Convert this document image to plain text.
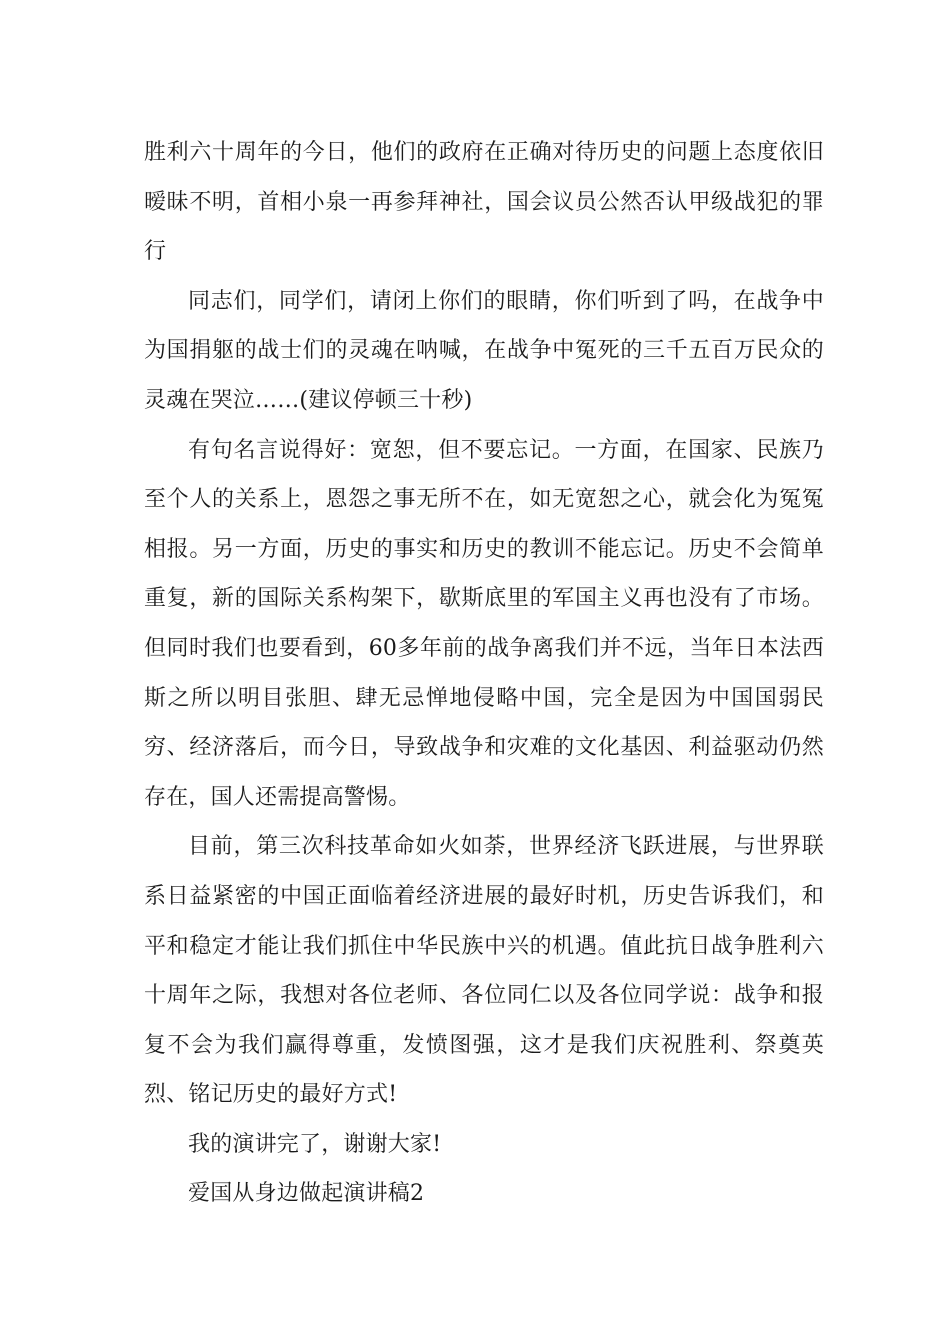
胜利六十周年的今日，他们的政府在正确对待历史的问题上态度依旧暧昧不明，首相小泉一再参拜神社，国会议员公然否认甲级战犯的罪行

同志们，同学们，请闭上你们的眼睛，你们听到了吗，在战争中为国捐躯的战士们的灵魂在呐喊，在战争中冤死的三千五百万民众的灵魂在哭泣……(建议停顿三十秒)

有句名言说得好：宽恕，但不要忘记。一方面，在国家、民族乃至个人的关系上，恩怨之事无所不在，如无宽恕之心，就会化为冤冤相报。另一方面，历史的事实和历史的教训不能忘记。历史不会简单重复，新的国际关系构架下，歇斯底里的军国主义再也没有了市场。但同时我们也要看到，60多年前的战争离我们并不远，当年日本法西斯之所以明目张胆、肆无忌惮地侵略中国，完全是因为中国国弱民穷、经济落后，而今日，导致战争和灾难的文化基因、利益驱动仍然存在，国人还需提高警惕。

目前，第三次科技革命如火如荼，世界经济飞跃进展，与世界联系日益紧密的中国正面临着经济进展的最好时机，历史告诉我们，和平和稳定才能让我们抓住中华民族中兴的机遇。值此抗日战争胜利六十周年之际，我想对各位老师、各位同仁以及各位同学说：战争和报复不会为我们赢得尊重，发愤图强，这才是我们庆祝胜利、祭奠英烈、铭记历史的最好方式!

我的演讲完了，谢谢大家!

爱国从身边做起演讲稿2
